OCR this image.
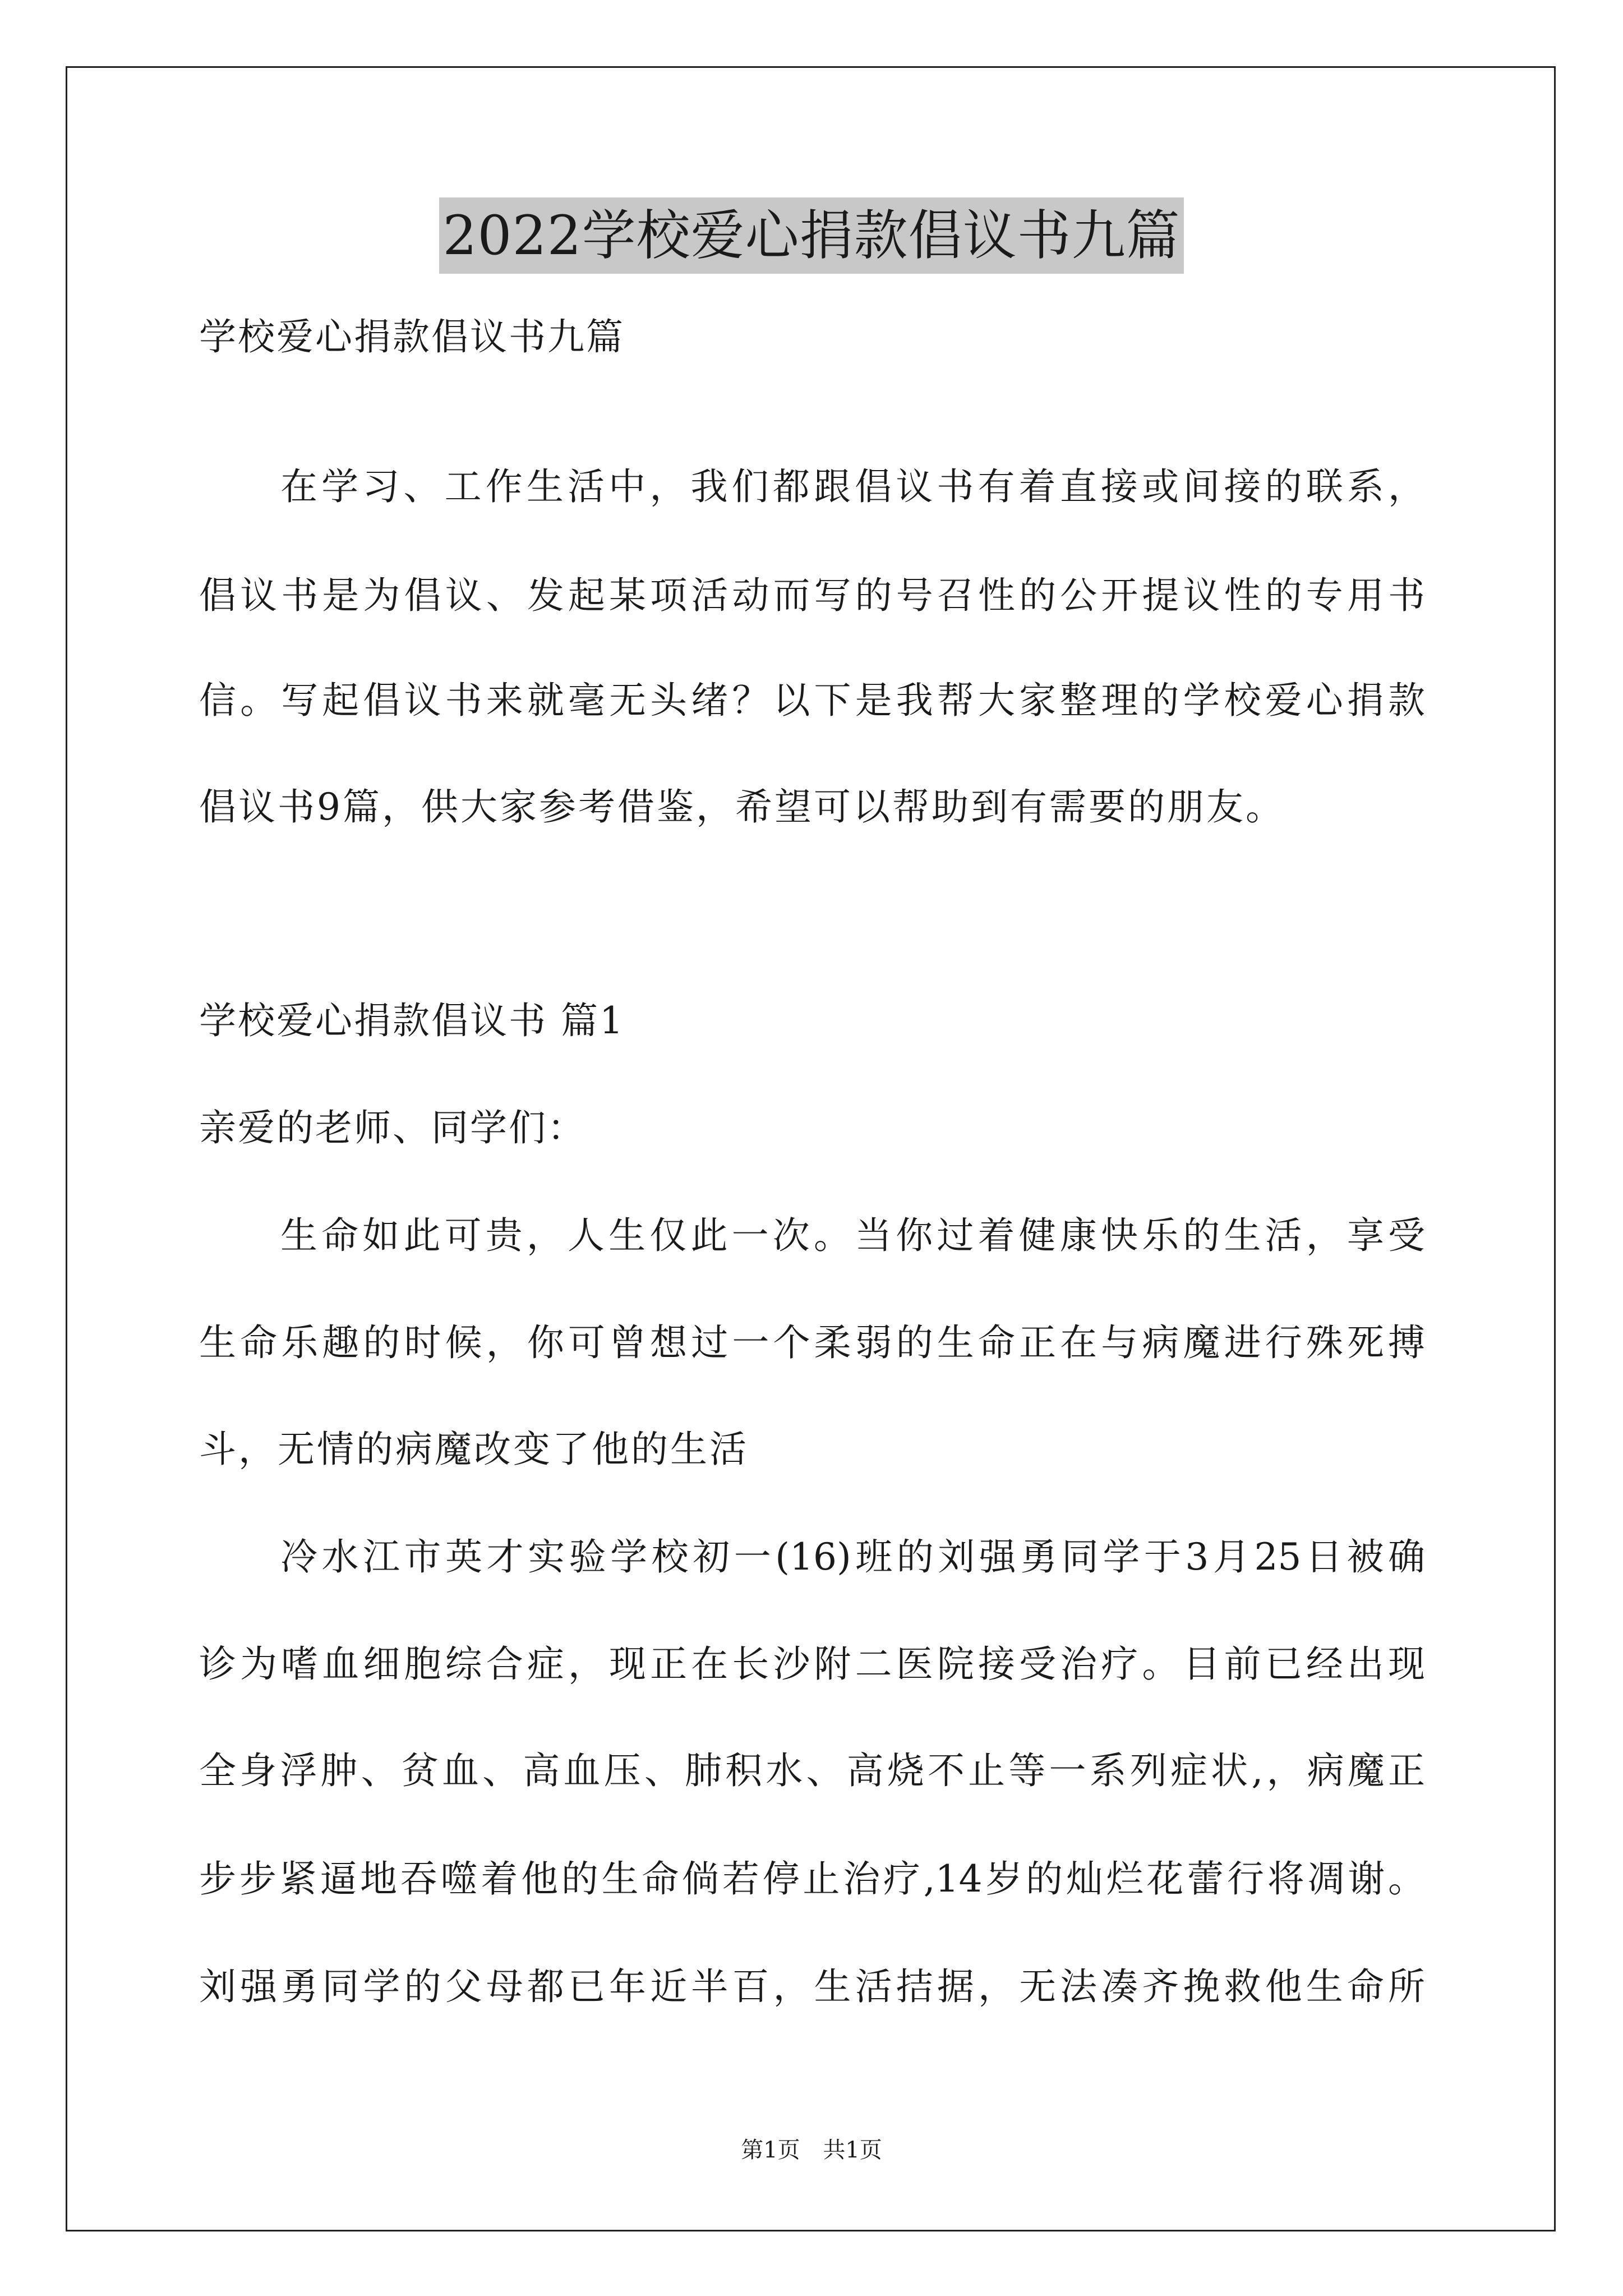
2022学校爱心捐款倡议书九篇
学校爱心捐款倡议书九篇
在学习、工作生活中，我们都跟倡议书有着直接或间接的联系，
倡议书是为倡议、发起某项活动而写的号召性的公开提议性的专用书
信。写起倡议书来就毫无头绪？以下是我帮大家整理的学校爱心捐款
倡议书9篇，供大家参考借鉴，希望可以帮助到有需要的朋友。
学校爱心捐款倡议书 篇1
亲爱的老师、同学们：
生命如此可贵，人生仅此一次。当你过着健康快乐的生活，享受
生命乐趣的时候，你可曾想过一个柔弱的生命正在与病魔进行殊死搏
斗，无情的病魔改变了他的生活
冷水江市英才实验学校初一(16)班的刘强勇同学于3月25日被确
诊为嗜血细胞综合症，现正在长沙附二医院接受治疗。目前已经出现
全身浮肿、贫血、高血压、肺积水、高烧不止等一系列症状,，病魔正
步步紧逼地吞噬着他的生命倘若停止治疗,14岁的灿烂花蕾行将凋谢。
刘强勇同学的父母都已年近半百，生活拮据，无法凑齐挽救他生命所
第1页 共1页
